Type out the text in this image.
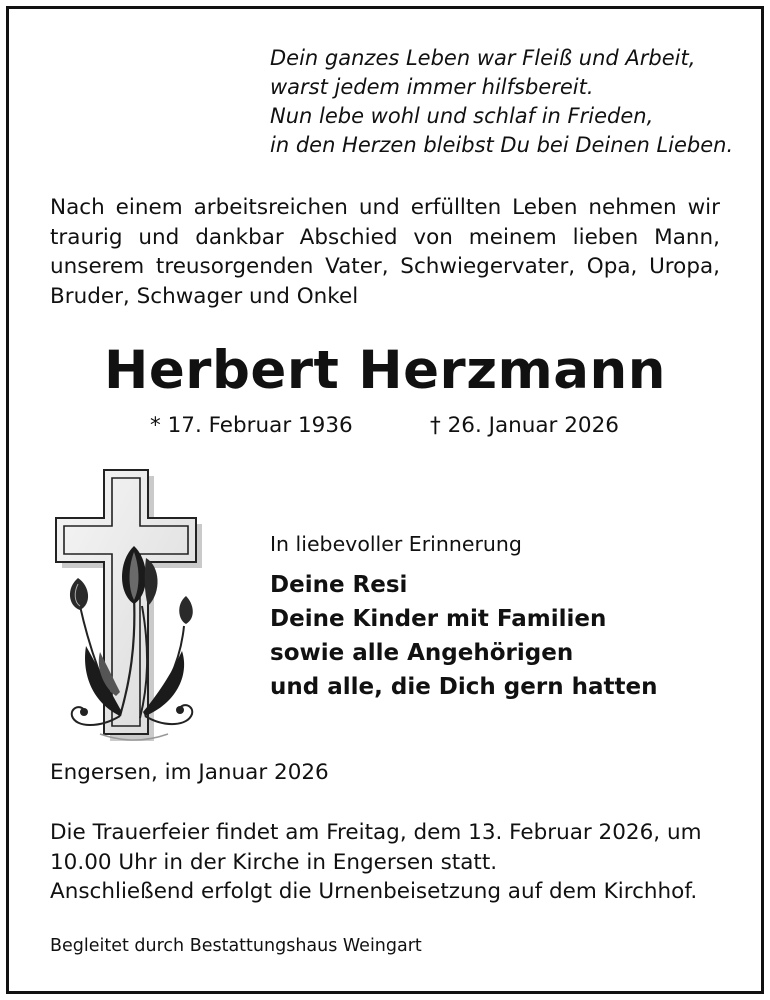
Dein ganzes Leben war Fleiß und Arbeit,
warst jedem immer hilfsbereit.
Nun lebe wohl und schlaf in Frieden,
in den Herzen bleibst Du bei Deinen Lieben.
Nach einem arbeitsreichen und erfüllten Leben nehmen wir
traurig und dankbar Abschied von meinem lieben Mann,
unserem treusorgenden Vater, Schwiegervater, Opa, Uropa,
Bruder, Schwager und Onkel
Herbert Herzmann
* 17. Februar 1936	† 26. Januar 2026
In liebevoller Erinnerung
Deine Resi
Deine Kinder mit Familien
sowie alle Angehörigen
und alle, die Dich gern hatten
Engersen, im Januar 2026
Die Trauerfeier findet am Freitag, dem 13. Februar 2026, um
10.00 Uhr in der Kirche in Engersen statt.
Anschließend erfolgt die Urnenbeisetzung auf dem Kirchhof.
Begleitet durch Bestattungshaus Weingart
